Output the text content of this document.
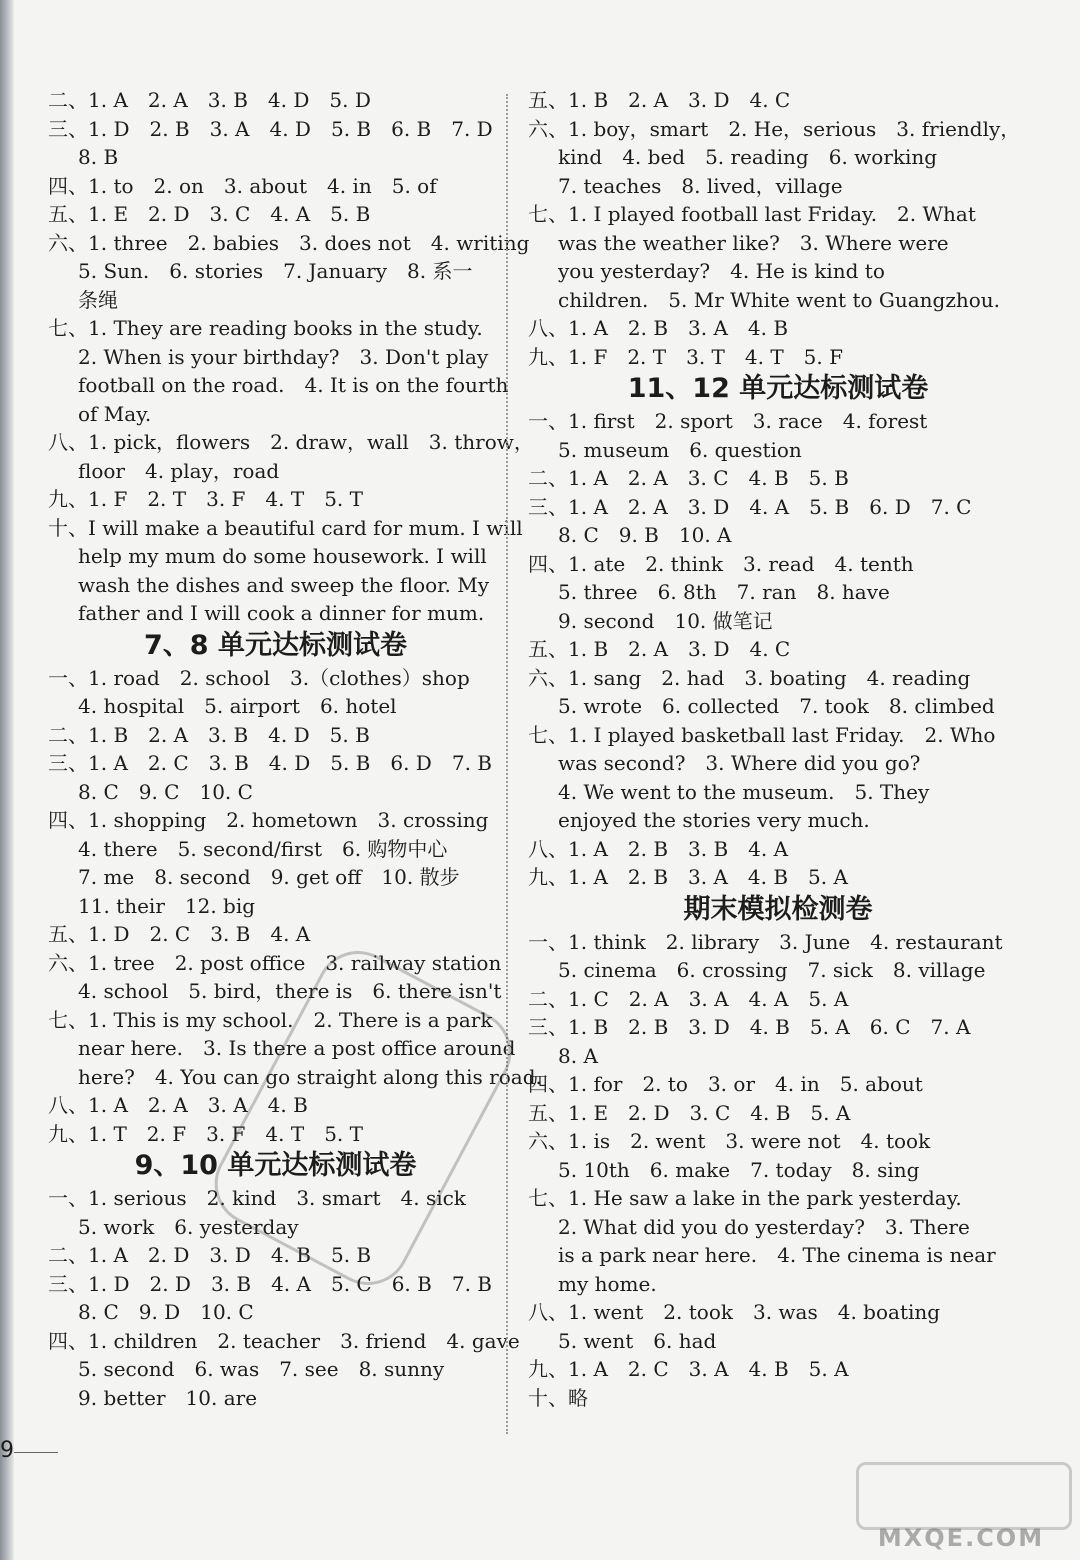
二、1. A　2. A　3. B　4. D　5. D
三、1. D　2. B　3. A　4. D　5. B　6. B　7. D
8. B
四、1. to　2. on　3. about　4. in　5. of
五、1. E　2. D　3. C　4. A　5. B
六、1. three　2. babies　3. does not　4. writing
5. Sun.　6. stories　7. January　8. 系一
条绳
七、1. They are reading books in the study.
2. When is your birthday?　3. Don't play
football on the road.　4. It is on the fourth
of May.
八、1. pick，flowers　2. draw，wall　3. throw，
floor　4. play，road
九、1. F　2. T　3. F　4. T　5. T
十、I will make a beautiful card for mum. I will
help my mum do some housework. I will
wash the dishes and sweep the floor. My
father and I will cook a dinner for mum.
7、8 单元达标测试卷
一、1. road　2. school　3.（clothes）shop
4. hospital　5. airport　6. hotel
二、1. B　2. A　3. B　4. D　5. B
三、1. A　2. C　3. B　4. D　5. B　6. D　7. B
8. C　9. C　10. C
四、1. shopping　2. hometown　3. crossing
4. there　5. second/first　6. 购物中心
7. me　8. second　9. get off　10. 散步
11. their　12. big
五、1. D　2. C　3. B　4. A
六、1. tree　2. post office　3. railway station
4. school　5. bird，there is　6. there isn't
七、1. This is my school.　2. There is a park
near here.　3. Is there a post office around
here?　4. You can go straight along this road.
八、1. A　2. A　3. A　4. B
九、1. T　2. F　3. F　4. T　5. T
9、10 单元达标测试卷
一、1. serious　2. kind　3. smart　4. sick
5. work　6. yesterday
二、1. A　2. D　3. D　4. B　5. B
三、1. D　2. D　3. B　4. A　5. C　6. B　7. B
8. C　9. D　10. C
四、1. children　2. teacher　3. friend　4. gave
5. second　6. was　7. see　8. sunny
9. better　10. are
五、1. B　2. A　3. D　4. C
六、1. boy，smart　2. He，serious　3. friendly，
kind　4. bed　5. reading　6. working
7. teaches　8. lived，village
七、1. I played football last Friday.　2. What
was the weather like?　3. Where were
you yesterday?　4. He is kind to
children.　5. Mr White went to Guangzhou.
八、1. A　2. B　3. A　4. B
九、1. F　2. T　3. T　4. T　5. F
11、12 单元达标测试卷
一、1. first　2. sport　3. race　4. forest
5. museum　6. question
二、1. A　2. A　3. C　4. B　5. B
三、1. A　2. A　3. D　4. A　5. B　6. D　7. C
8. C　9. B　10. A
四、1. ate　2. think　3. read　4. tenth
5. three　6. 8th　7. ran　8. have
9. second　10. 做笔记
五、1. B　2. A　3. D　4. C
六、1. sang　2. had　3. boating　4. reading
5. wrote　6. collected　7. took　8. climbed
七、1. I played basketball last Friday.　2. Who
was second?　3. Where did you go?
4. We went to the museum.　5. They
enjoyed the stories very much.
八、1. A　2. B　3. B　4. A
九、1. A　2. B　3. A　4. B　5. A
期末模拟检测卷
一、1. think　2. library　3. June　4. restaurant
5. cinema　6. crossing　7. sick　8. village
二、1. C　2. A　3. A　4. A　5. A
三、1. B　2. B　3. D　4. B　5. A　6. C　7. A
8. A
四、1. for　2. to　3. or　4. in　5. about
五、1. E　2. D　3. C　4. B　5. A
六、1. is　2. went　3. were not　4. took
5. 10th　6. make　7. today　8. sing
七、1. He saw a lake in the park yesterday.
2. What did you do yesterday?　3. There
is a park near here.　4. The cinema is near
my home.
八、1. went　2. took　3. was　4. boating
5. went　6. had
九、1. A　2. C　3. A　4. B　5. A
十、略
9
MXQE.COM
